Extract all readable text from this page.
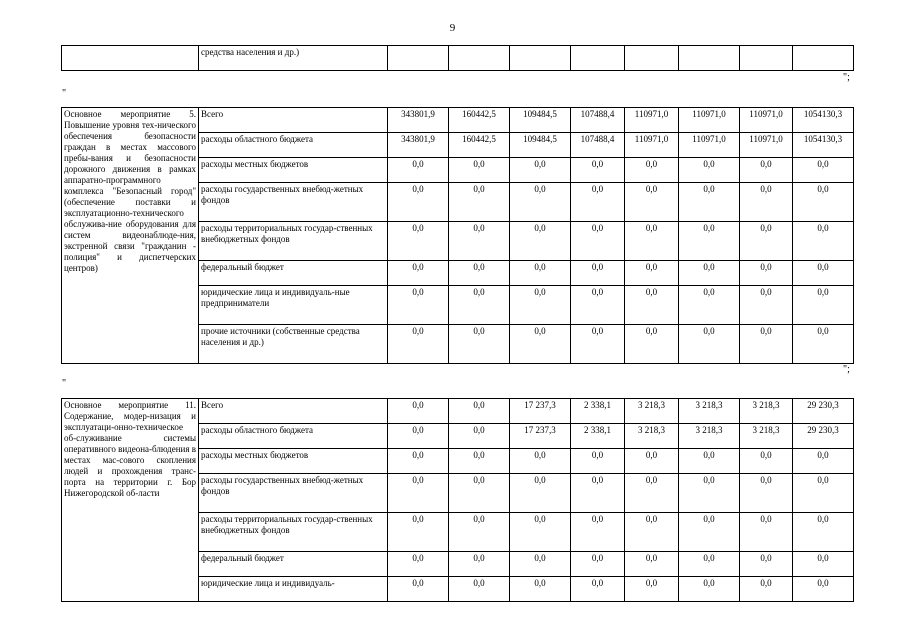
9
	средства населения и др.)								
";
"
Основное мероприятие 5. Повышение уровня тех-нического обеспечения безопасности граждан в местах массового пребы-вания и безопасности дорожного движения в рамках аппаратно-программного комплекса "Безопасный город" (обеспечение поставки и эксплуатационно-технического обслужива-ние оборудования для систем видеонаблюде-ния, экстренной связи "гражданин - полиция" и диспетчерских центров)	Всего	343801,9	160442,5	109484,5	107488,4	110971,0	110971,0	110971,0	1054130,3
	расходы областного бюджета	343801,9	160442,5	109484,5	107488,4	110971,0	110971,0	110971,0	1054130,3
	расходы местных бюджетов	0,0	0,0	0,0	0,0	0,0	0,0	0,0	0,0
	расходы государственных внебюд-жетных фондов	0,0	0,0	0,0	0,0	0,0	0,0	0,0	0,0
	расходы территориальных государ-ственных внебюджетных фондов	0,0	0,0	0,0	0,0	0,0	0,0	0,0	0,0
	федеральный бюджет	0,0	0,0	0,0	0,0	0,0	0,0	0,0	0,0
	юридические лица и индивидуаль-ные предприниматели	0,0	0,0	0,0	0,0	0,0	0,0	0,0	0,0
	прочие источники (собственные средства населения и др.)	0,0	0,0	0,0	0,0	0,0	0,0	0,0	0,0
";
"
Основное мероприятие 11. Содержание, модер-низация и эксплуатаци-онно-техническое об-служивание системы оперативного видеона-блюдения в местах мас-сового скопления людей и прохождения транс-порта на территории г. Бор Нижегородской об-ласти	Всего	0,0	0,0	17 237,3	2 338,1	3 218,3	3 218,3	3 218,3	29 230,3
	расходы областного бюджета	0,0	0,0	17 237,3	2 338,1	3 218,3	3 218,3	3 218,3	29 230,3
	расходы местных бюджетов	0,0	0,0	0,0	0,0	0,0	0,0	0,0	0,0
	расходы государственных внебюд-жетных фондов	0,0	0,0	0,0	0,0	0,0	0,0	0,0	0,0
	расходы территориальных государ-ственных внебюджетных фондов	0,0	0,0	0,0	0,0	0,0	0,0	0,0	0,0
	федеральный бюджет	0,0	0,0	0,0	0,0	0,0	0,0	0,0	0,0
	юридические лица и индивидуаль-	0,0	0,0	0,0	0,0	0,0	0,0	0,0	0,0
